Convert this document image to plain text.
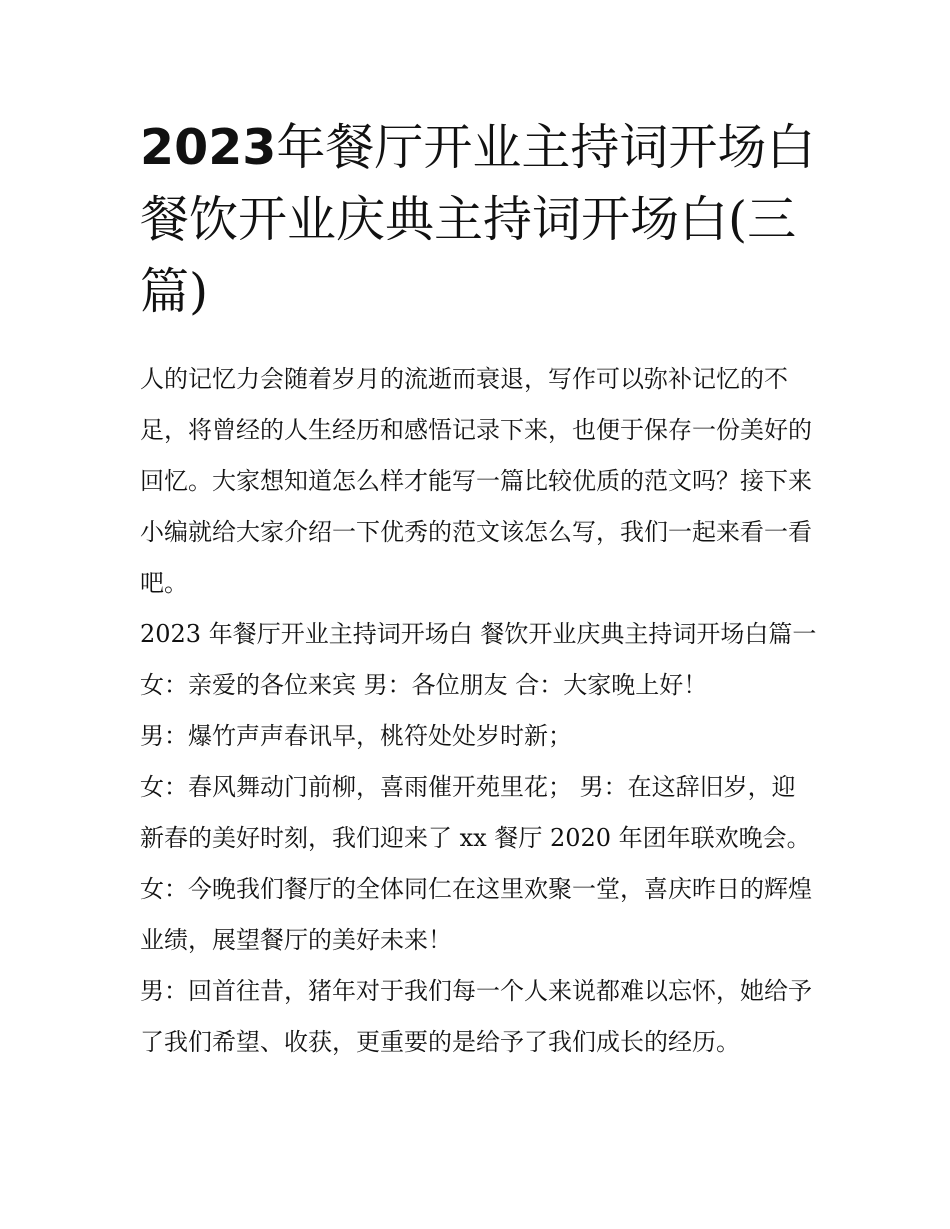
2023年餐厅开业主持词开场白餐饮开业庆典主持词开场白(三篇)

人的记忆力会随着岁月的流逝而衰退，写作可以弥补记忆的不足，将曾经的人生经历和感悟记录下来，也便于保存一份美好的回忆。大家想知道怎么样才能写一篇比较优质的范文吗？接下来小编就给大家介绍一下优秀的范文该怎么写，我们一起来看一看吧。

2023 年餐厅开业主持词开场白 餐饮开业庆典主持词开场白篇一 女：亲爱的各位来宾 男：各位朋友 合：大家晚上好！

男：爆竹声声春讯早，桃符处处岁时新；

女：春风舞动门前柳，喜雨催开苑里花； 男：在这辞旧岁，迎新春的美好时刻，我们迎来了 xx 餐厅 2020 年团年联欢晚会。

女：今晚我们餐厅的全体同仁在这里欢聚一堂，喜庆昨日的辉煌业绩，展望餐厅的美好未来！

男：回首往昔，猪年对于我们每一个人来说都难以忘怀，她给予了我们希望、收获，更重要的是给予了我们成长的经历。
